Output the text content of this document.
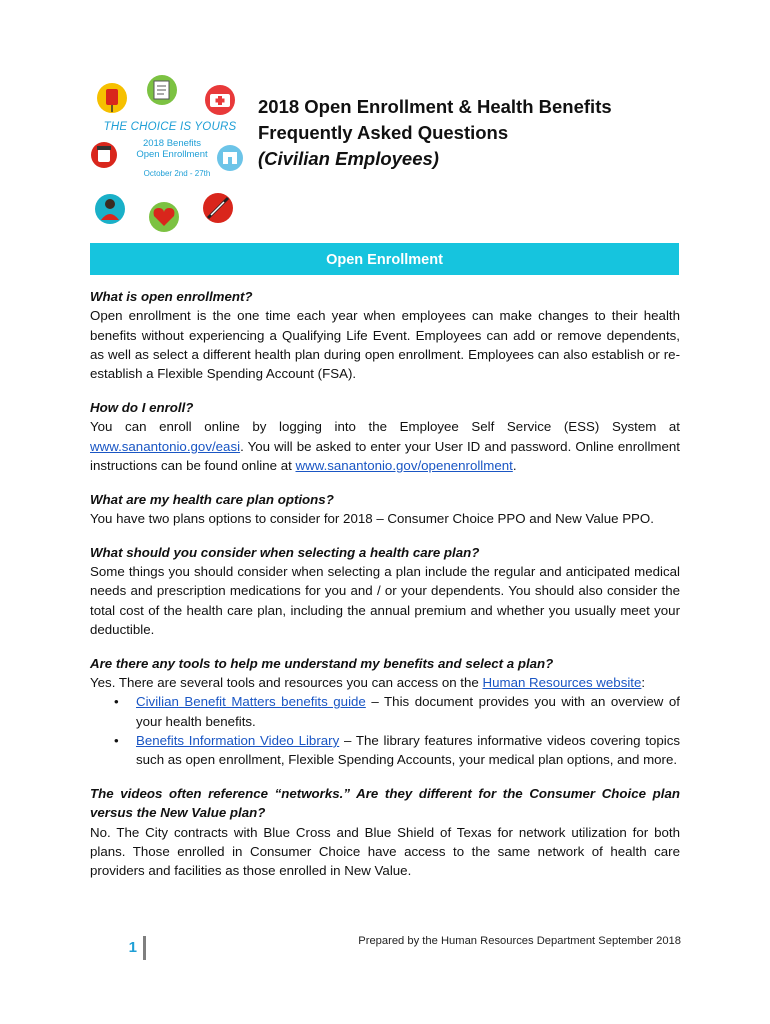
THE CHOICE IS YOURS
2018 Benefits
Open Enrollment
October 2nd - 27th
2018 Open Enrollment & Health Benefits
Frequently Asked Questions
(Civilian Employees)
Open Enrollment
What is open enrollment?
Open enrollment is the one time each year when employees can make changes to their health benefits without experiencing a Qualifying Life Event. Employees can add or remove dependents, as well as select a different health plan during open enrollment. Employees can also establish or re-establish a Flexible Spending Account (FSA).
How do I enroll?
You can enroll online by logging into the Employee Self Service (ESS) System at www.sanantonio.gov/easi. You will be asked to enter your User ID and password. Online enrollment instructions can be found online at www.sanantonio.gov/openenrollment.
What are my health care plan options?
You have two plans options to consider for 2018 – Consumer Choice PPO and New Value PPO.
What should you consider when selecting a health care plan?
Some things you should consider when selecting a plan include the regular and anticipated medical needs and prescription medications for you and / or your dependents. You should also consider the total cost of the health care plan, including the annual premium and whether you usually meet your deductible.
Are there any tools to help me understand my benefits and select a plan?
Yes. There are several tools and resources you can access on the Human Resources website:
• Civilian Benefit Matters benefits guide – This document provides you with an overview of your health benefits.
• Benefits Information Video Library – The library features informative videos covering topics such as open enrollment, Flexible Spending Accounts, your medical plan options, and more.
The videos often reference “networks.” Are they different for the Consumer Choice plan versus the New Value plan?
No. The City contracts with Blue Cross and Blue Shield of Texas for network utilization for both plans. Those enrolled in Consumer Choice have access to the same network of health care providers and facilities as those enrolled in New Value.
1	Prepared by the Human Resources Department September 2018
